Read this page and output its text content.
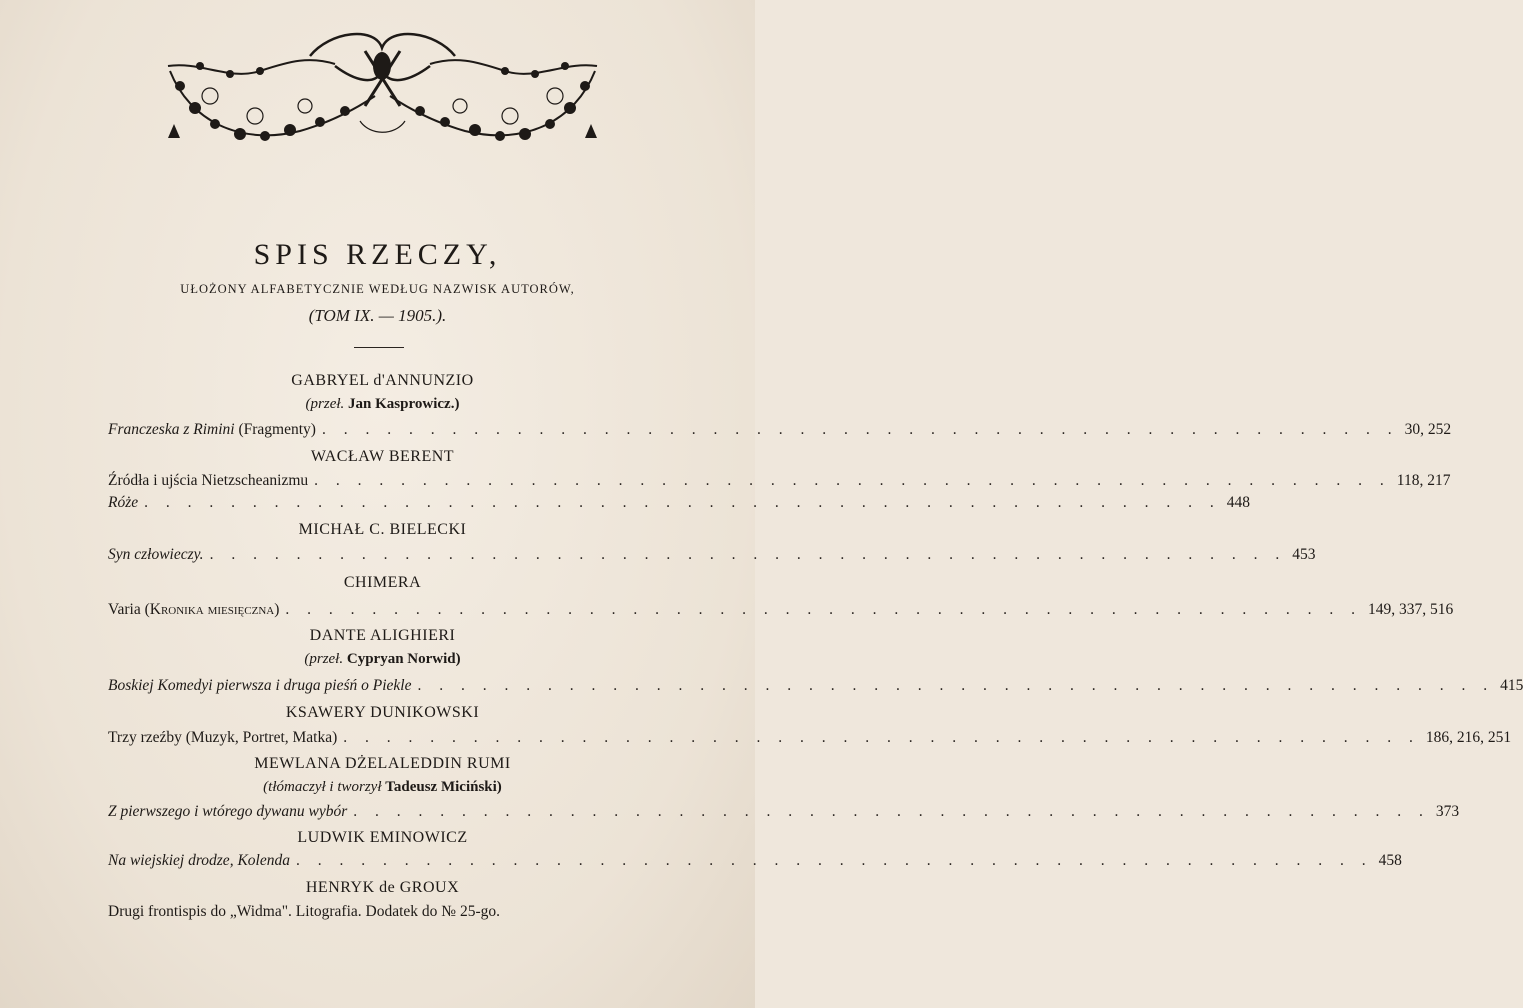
SPIS RZECZY,
UŁOŻONY ALFABETYCZNIE WEDŁUG NAZWISK AUTORÓW,
(TOM IX. — 1905.).
GABRYEL d'ANNUNZIO
(przeł. Jan Kasprowicz.)
Franczeska z Rimini (Fragmenty) . . . . . . . . . . . . . . . . . . . . . . . . . . . . . . . . . . . . . . . . . . . . . . . . . . 30, 252
WACŁAW BERENT
Źródła i ujścia Nietzscheanizmu . . . . . . . . . . . . . . . . . . . . . . . . . . . . . . . . . . . . . . . . . . . . . . . . . . 118, 217
Róże . . . . . . . . . . . . . . . . . . . . . . . . . . . . . . . . . . . . . . . . . . . . . . . . . . 448
MICHAŁ C. BIELECKI
Syn człowieczy. . . . . . . . . . . . . . . . . . . . . . . . . . . . . . . . . . . . . . . . . . . . . . . . . . . 453
CHIMERA
Varia (Kronika miesięczna) . . . . . . . . . . . . . . . . . . . . . . . . . . . . . . . . . . . . . . . . . . . . . . . . . . 149, 337, 516
DANTE ALIGHIERI
(przeł. Cypryan Norwid)
Boskiej Komedyi pierwsza i druga pieśń o Piekle . . . . . . . . . . . . . . . . . . . . . . . . . . . . . . . . . . . . . . . . . . . . . . . . . . 415
KSAWERY DUNIKOWSKI
Trzy rzeźby (Muzyk, Portret, Matka) . . . . . . . . . . . . . . . . . . . . . . . . . . . . . . . . . . . . . . . . . . . . . . . . . . 186, 216, 251
MEWLANA DŻELALEDDIN RUMI
(tłómaczył i tworzył Tadeusz Miciński)
Z pierwszego i wtórego dywanu wybór . . . . . . . . . . . . . . . . . . . . . . . . . . . . . . . . . . . . . . . . . . . . . . . . . . 373
LUDWIK EMINOWICZ
Na wiejskiej drodze, Kolenda . . . . . . . . . . . . . . . . . . . . . . . . . . . . . . . . . . . . . . . . . . . . . . . . . . 458
HENRYK de GROUX
Drugi frontispis do „Widma". Litografia. Dodatek do № 25-go.
